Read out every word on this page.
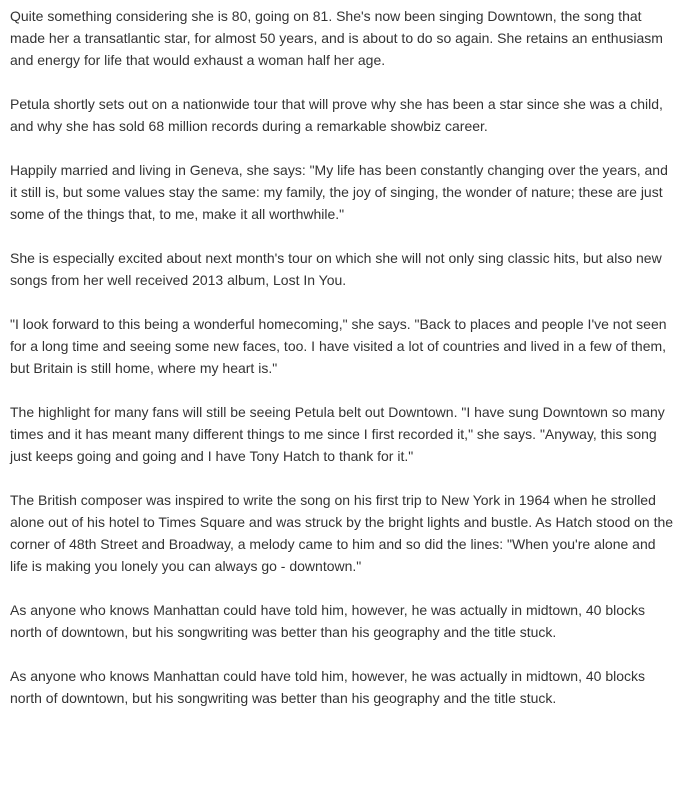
Quite something considering she is 80, going on 81. She's now been singing Downtown, the song that made her a transatlantic star, for almost 50 years, and is about to do so again. She retains an enthusiasm and energy for life that would exhaust a woman half her age.

Petula shortly sets out on a nationwide tour that will prove why she has been a star since she was a child, and why she has sold 68 million records during a remarkable showbiz career.

Happily married and living in Geneva, she says: "My life has been constantly changing over the years, and it still is, but some values stay the same: my family, the joy of singing, the wonder of nature; these are just some of the things that, to me, make it all worthwhile."

She is especially excited about next month's tour on which she will not only sing classic hits, but also new songs from her well received 2013 album, Lost In You.

"I look forward to this being a wonderful homecoming," she says. "Back to places and people I've not seen for a long time and seeing some new faces, too. I have visited a lot of countries and lived in a few of them, but Britain is still home, where my heart is."

The highlight for many fans will still be seeing Petula belt out Downtown. "I have sung Downtown so many times and it has meant many different things to me since I first recorded it," she says. "Anyway, this song just keeps going and going and I have Tony Hatch to thank for it."

The British composer was inspired to write the song on his first trip to New York in 1964 when he strolled alone out of his hotel to Times Square and was struck by the bright lights and bustle. As Hatch stood on the corner of 48th Street and Broadway, a melody came to him and so did the lines: "When you're alone and life is making you lonely you can always go - downtown."

As anyone who knows Manhattan could have told him, however, he was actually in midtown, 40 blocks north of downtown, but his songwriting was better than his geography and the title stuck.

As anyone who knows Manhattan could have told him, however, he was actually in midtown, 40 blocks north of downtown, but his songwriting was better than his geography and the title stuck.
